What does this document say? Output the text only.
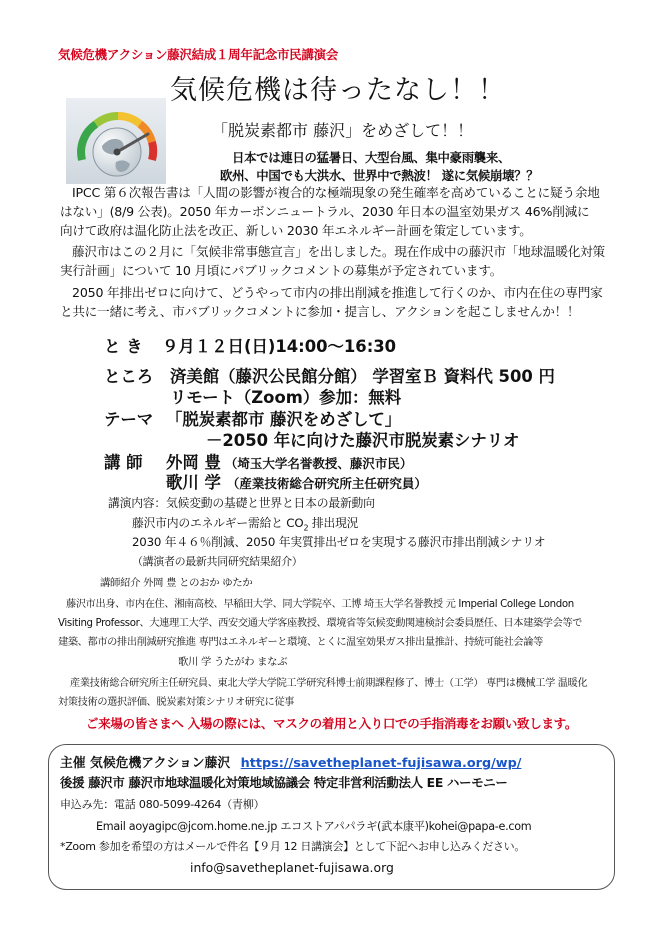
気候危機アクション藤沢結成１周年記念市民講演会
気候危機は待ったなし！！
「脱炭素都市 藤沢」をめざして！！
日本では連日の猛暑日、大型台風、集中豪雨襲来、
欧州、中国でも大洪水、世界中で熱波！ 遂に気候崩壊？？
IPCC 第６次報告書は「人間の影響が複合的な極端現象の発生確率を高めていることに疑う余地
はない」(8/9 公表)。2050 年カーボンニュートラル、2030 年日本の温室効果ガス 46%削減に
向けて政府は温化防止法を改正、新しい 2030 年エネルギー計画を策定しています。
藤沢市はこの２月に「気候非常事態宣言」を出しました。現在作成中の藤沢市「地球温暖化対策
実行計画」について 10 月頃にパブリックコメントの募集が予定されています。
2050 年排出ゼロに向けて、どうやって市内の排出削減を推進して行くのか、市内在住の専門家
と共に一緒に考え、市パブリックコメントに参加・提言し、アクションを起こしませんか！！
と き ９月１２日(日)14:00～16:30
ところ 済美館（藤沢公民館分館） 学習室Ｂ 資料代 500 円
リモート（Zoom）参加：無料
テーマ 「脱炭素都市 藤沢をめざして」
－2050 年に向けた藤沢市脱炭素シナリオ
講 師 外岡 豊 （埼玉大学名誉教授、藤沢市民）
歌川 学 （産業技術総合研究所主任研究員）
講演内容：気候変動の基礎と世界と日本の最新動向
藤沢市内のエネルギー需給と $CO_2$ 排出現況
2030 年４６％削減、2050 年実質排出ゼロを実現する藤沢市排出削減シナリオ
（講演者の最新共同研究結果紹介）
講師紹介 外岡 豊 とのおか ゆたか
藤沢市出身、市内在住、湘南高校、早稲田大学、同大学院卒、工博 埼玉大学名誉教授 元 Imperial College London
Visiting Professor、大連理工大学、西安交通大学客座教授、環境省等気候変動関連検討会委員歴任、日本建築学会等で
建築、都市の排出削減研究推進 専門はエネルギーと環境、とくに温室効果ガス排出量推計、持続可能社会論等
歌川 学 うたがわ まなぶ
産業技術総合研究所主任研究員、東北大学大学院工学研究科博士前期課程修了、博士（工学） 専門は機械工学 温暖化
対策技術の選択評価、脱炭素対策シナリオ研究に従事
ご来場の皆さまへ 入場の際には、マスクの着用と入り口での手指消毒をお願い致します。
主催 気候危機アクション藤沢 https://savetheplanet-fujisawa.org/wp/
後援 藤沢市 藤沢市地球温暖化対策地域協議会 特定非営利活動法人 EE ハーモニー
申込み先：電話 080-5099-4264（青柳）
Email aoyagipc@jcom.home.ne.jp エコストアパパラギ(武本康平)kohei@papa-e.com
*Zoom 参加を希望の方はメールで件名【９月 12 日講演会】として下記へお申し込みください。
info@savetheplanet-fujisawa.org
